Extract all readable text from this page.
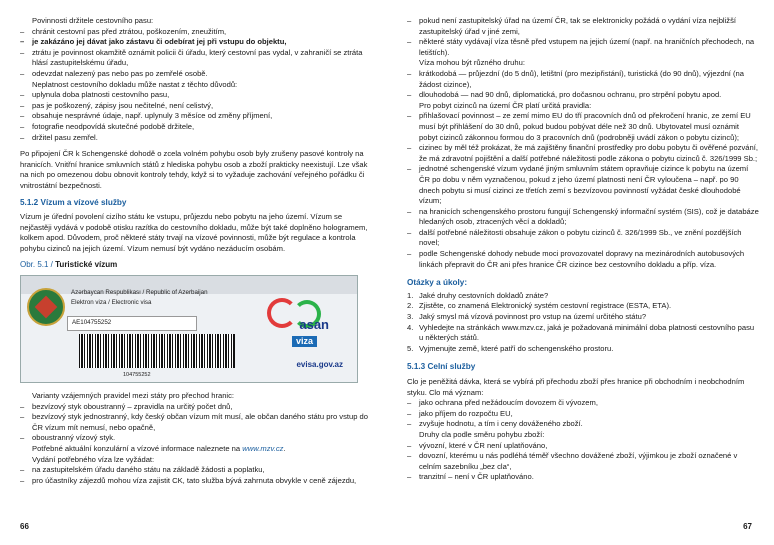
Povinnosti držitele cestovního pasu:

– chránit cestovní pas před ztrátou, poškozením, zneužitím,

– je zakázáno jej dávat jako zástavu či odebírat jej při vstupu do objektu,

– ztrátu je povinnost okamžitě oznámit policii či úřadu, který cestovní pas vydal, v zahraničí se ztráta hlásí zastupitelskému úřadu,

– odevzdat nalezený pas nebo pas po zemřelé osobě.

Neplatnost cestovního dokladu může nastat z těchto důvodů:

– uplynula doba platnosti cestovního pasu,

– pas je poškozený, zápisy jsou nečitelné, není celistvý,

– obsahuje nesprávné údaje, např. uplynuly 3 měsíce od změny příjmení,

– fotografie neodpovídá skutečné podobě držitele,

– držitel pasu zemřel.

Po připojení ČR k Schengenské dohodě o zcela volném pohybu osob byly zrušeny pasové kontroly na hranicích. Vnitřní hranice smluvních států z hlediska pohybu osob a zboží prakticky neexistují. Lze však na nich po omezenou dobu obnovit kontroly tehdy, když si to vyžaduje zachování veřejného pořádku či vnitrostátní bezpečnosti.

5.1.2 Vízum a vízové služby

Vízum je úřední povolení cizího státu ke vstupu, průjezdu nebo pobytu na jeho území. Vízum se nejčastěji vydává v podobě otisku razítka do cestovního dokladu, může být také doplněno hologramem, kolkem apod. Důvodem, proč některé státy trvají na vízové povinnosti, může být regulace a kontrola pohybu cizinců na jejich území. Vízum nemusí být vydáno nezáducím osobám.

Obr. 5.1 / Turistické vízum
Azərbaycan Respublikası / Republic of Azerbaijan
Elektron viza / Electronic visa
AE104755252
104755252
asan
viza
evisa.gov.az

Varianty vzájemných pravidel mezi státy pro přechod hranic:

– bezvízový styk oboustranný – zpravidla na určitý počet dnů,

– bezvízový styk jednostranný, kdy český občan vízum mít musí, ale občan daného státu pro vstup do ČR vízum mít nemusí, nebo opačně,

– oboustranný vízový styk.

Potřebné aktuální konzulární a vízové informace naleznete na www.mzv.cz.

Vydání potřebného víza lze vyžádat:

– na zastupitelském úřadu daného státu na základě žádosti a poplatku,

– pro účastníky zájezdů mohou víza zajistit CK, tato služba bývá zahrnuta obvykle v ceně zájezdu,

66

– pokud není zastupitelský úřad na území ČR, tak se elektronicky požádá o vydání víza nejbližší zastupitelský úřad v jiné zemi,

– některé státy vydávají víza těsně před vstupem na jejich území (např. na hraničních přechodech, na letištích).

Víza mohou být různého druhu:

– krátkodobá — průjezdní (do 5 dnů), letištní (pro mezipřistání), turistická (do 90 dnů), výjezdní (na žádost cizince),

– dlouhodobá — nad 90 dnů, diplomatická, pro dočasnou ochranu, pro strpění pobytu apod.

Pro pobyt cizinců na území ČR platí určitá pravidla:

– přihlašovací povinnost – ze zemí mimo EU do tří pracovních dnů od překročení hranic, ze zemí EU musí být přihlášení do 30 dnů, pokud budou pobývat déle než 30 dnů. Ubytovatel musí oznámit pobyt cizinců zákonnou formou do 3 pracovních dnů (podrobněji uvádí zákon o pobytu cizinců);

– cizinec by měl též prokázat, že má zajištěny finanční prostředky pro dobu pobytu či ověřené pozvání, že má zdravotní pojištění a další potřebné náležitosti podle zákona o pobytu cizinců č. 326/1999 Sb.;

– jednotné schengenské vízum vydané jiným smluvním státem opravňuje cizince k pobytu na území ČR po dobu v něm vyznačenou, pokud z jeho území platnosti není ČR vyloučena – např. po 90 dnech pobytu si musí cizinci ze třetích zemí s bezvízovou povinností vyžádat české dlouhodobé vízum;

– na hranicích schengenského prostoru fungují Schengenský informační systém (SIS), což je databáze hledaných osob, ztracených věcí a dokladů;

– další potřebné náležitosti obsahuje zákon o pobytu cizinců č. 326/1999 Sb., ve znění pozdějších novel;

– podle Schengenské dohody nebude moci provozovatel dopravy na mezinárodních autobusových linkách přepravit do ČR ani přes hranice ČR cizince bez cestovního dokladu a příp. víza.

Otázky a úkoly:

1. Jaké druhy cestovních dokladů znáte?

2. Zjistěte, co znamená Elektronický systém cestovní registrace (ESTA, ETA).

3. Jaký smysl má vízová povinnost pro vstup na území určitého státu?

4. Vyhledejte na stránkách www.mzv.cz, jaká je požadovaná minimální doba platnosti cestovního pasu u některých států.

5. Vyjmenujte země, které patří do schengenského prostoru.

5.1.3 Celní služby

Clo je peněžitá dávka, která se vybírá při přechodu zboží přes hranice při obchodním i neobchodním styku. Clo má význam:

– jako ochrana před nežádoucím dovozem či vývozem,

– jako příjem do rozpočtu EU,

– zvyšuje hodnotu, a tím i ceny dováženého zboží.

Druhy cla podle směru pohybu zboží:

– vývozní, které v ČR není uplatňováno,

– dovozní, kterému u nás podléhá téměř všechno dovážené zboží, výjimkou je zboží označené v celním sazebníku „bez cla“,

– tranzitní – není v ČR uplatňováno.

67
